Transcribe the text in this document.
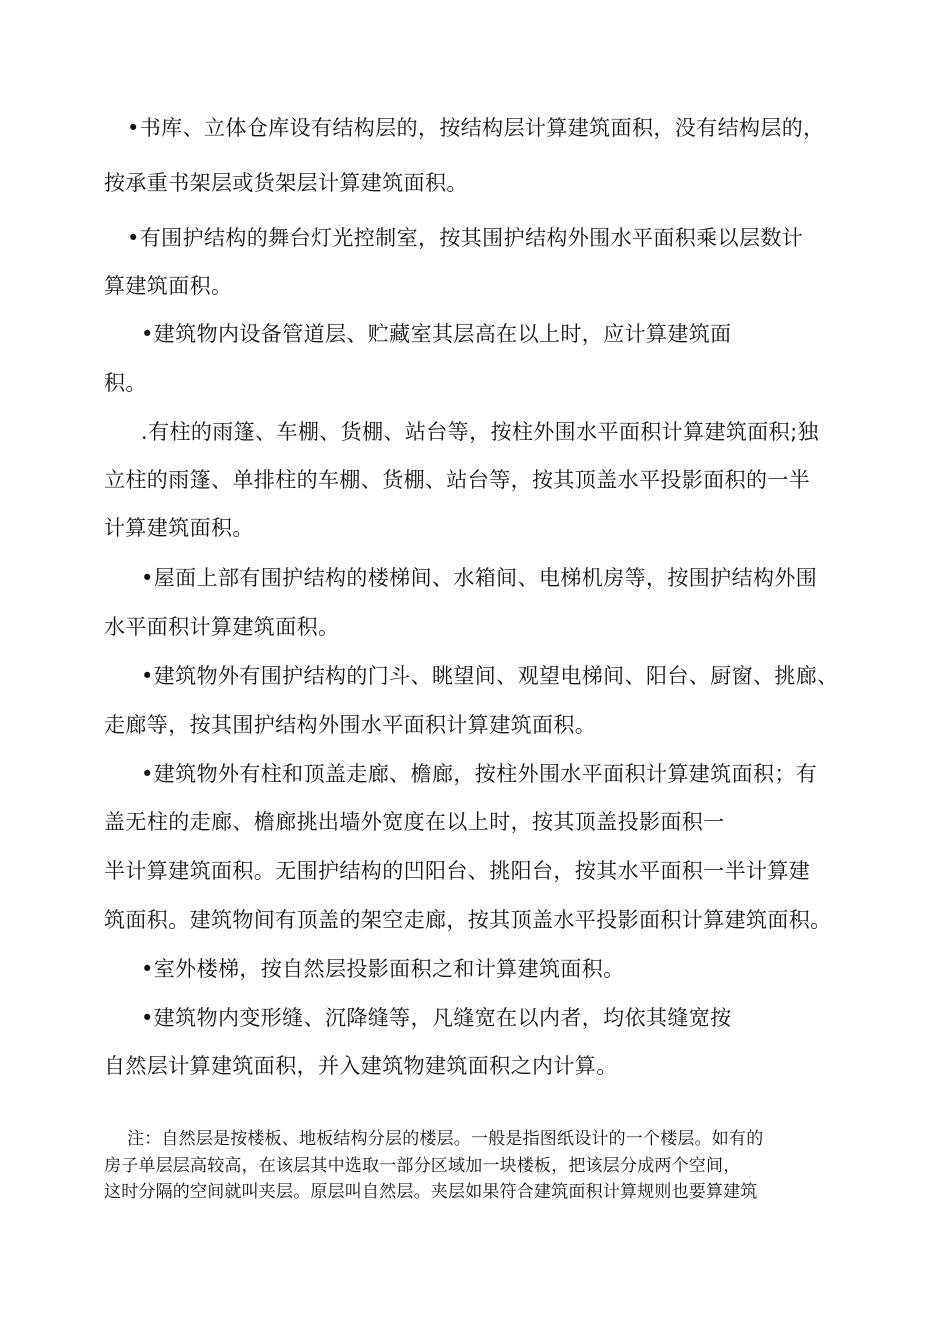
•书库、立体仓库设有结构层的，按结构层计算建筑面积，没有结构层的，
按承重书架层或货架层计算建筑面积。
•有围护结构的舞台灯光控制室，按其围护结构外围水平面积乘以层数计
算建筑面积。
•建筑物内设备管道层、贮藏室其层高在以上时，应计算建筑面
积。
.有柱的雨篷、车棚、货棚、站台等，按柱外围水平面积计算建筑面积;独
立柱的雨篷、单排柱的车棚、货棚、站台等，按其顶盖水平投影面积的一半
计算建筑面积。
•屋面上部有围护结构的楼梯间、水箱间、电梯机房等，按围护结构外围
水平面积计算建筑面积。
•建筑物外有围护结构的门斗、眺望间、观望电梯间、阳台、厨窗、挑廊、
走廊等，按其围护结构外围水平面积计算建筑面积。
•建筑物外有柱和顶盖走廊、檐廊，按柱外围水平面积计算建筑面积；有
盖无柱的走廊、檐廊挑出墙外宽度在以上时，按其顶盖投影面积一
半计算建筑面积。无围护结构的凹阳台、挑阳台，按其水平面积一半计算建
筑面积。建筑物间有顶盖的架空走廊，按其顶盖水平投影面积计算建筑面积。
•室外楼梯，按自然层投影面积之和计算建筑面积。
•建筑物内变形缝、沉降缝等，凡缝宽在以内者，均依其缝宽按
自然层计算建筑面积，并入建筑物建筑面积之内计算。
注：自然层是按楼板、地板结构分层的楼层。一般是指图纸设计的一个楼层。如有的
房子单层层高较高，在该层其中选取一部分区域加一块楼板，把该层分成两个空间，
这时分隔的空间就叫夹层。原层叫自然层。夹层如果符合建筑面积计算规则也要算建筑
